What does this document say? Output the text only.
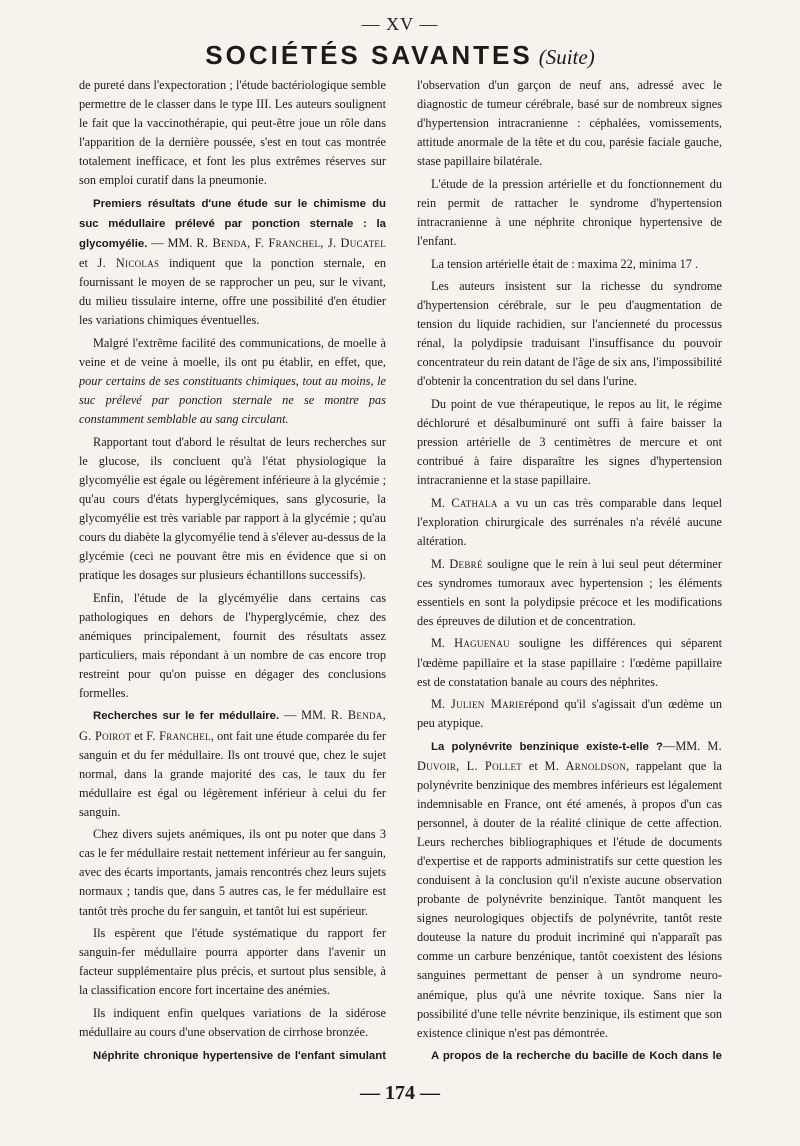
— XV —
SOCIÉTÉS SAVANTES (Suite)

de pureté dans l'expectoration ; l'étude bactériologique semble permettre de le classer dans le type III. Les auteurs soulignent le fait que la vaccinothérapie, qui peut-être joue un rôle dans l'apparition de la dernière poussée, s'est en tout cas montrée totalement inefficace, et font les plus extrêmes réserves sur son emploi curatif dans la pneumonie.

Premiers résultats d'une étude sur le chimisme du suc médullaire prélevé par ponction sternale : la glycomyélie. — MM. R. Benda, F. Franchel, J. Ducatel et J. Nicolas indiquent que la ponction sternale, en fournissant le moyen de se rapprocher un peu, sur le vivant, du milieu tissulaire interne, offre une possibilité d'en étudier les variations chimiques éventuelles.

Malgré l'extrême facilité des communications, de moelle à veine et de veine à moelle, ils ont pu établir, en effet, que, pour certains de ses constituants chimiques, tout au moins, le suc prélevé par ponction sternale ne se montre pas constamment semblable au sang circulant.

Rapportant tout d'abord le résultat de leurs recherches sur le glucose, ils concluent qu'à l'état physiologique la glycomyélie est égale ou légèrement inférieure à la glycémie ; qu'au cours d'états hyperglycémiques, sans glycosurie, la glycomyélie est très variable par rapport à la glycémie ; qu'au cours du diabète la glycomyélie tend à s'élever au-dessus de la glycémie (ceci ne pouvant être mis en évidence que si on pratique les dosages sur plusieurs échantillons successifs).

Enfin, l'étude de la glycémyélie dans certains cas pathologiques en dehors de l'hyperglycémie, chez des anémiques principalement, fournit des résultats assez particuliers, mais répondant à un nombre de cas encore trop restreint pour qu'on puisse en dégager des conclusions formelles.

Recherches sur le fer médullaire. — MM. R. Benda, G. Poirot et F. Franchel, ont fait une étude comparée du fer sanguin et du fer médullaire. Ils ont trouvé que, chez le sujet normal, dans la grande majorité des cas, le taux du fer médullaire est égal ou légèrement inférieur à celui du fer sanguin.

Chez divers sujets anémiques, ils ont pu noter que dans 3 cas le fer médullaire restait nettement inférieur au fer sanguin, avec des écarts importants, jamais rencontrés chez leurs sujets normaux ; tandis que, dans 5 autres cas, le fer médullaire est tantôt très proche du fer sanguin, et tantôt lui est supérieur.

Ils espèrent que l'étude systématique du rapport fer sanguin-fer médullaire pourra apporter dans l'avenir un facteur supplémentaire plus précis, et surtout plus sensible, à la classification encore fort incertaine des anémies.

Ils indiquent enfin quelques variations de la sidérose médullaire au cours d'une observation de cirrhose bronzée.

Néphrite chronique hypertensive de l'enfant simulant

l'observation d'un garçon de neuf ans, adressé avec le diagnostic de tumeur cérébrale, basé sur de nombreux signes d'hypertension intracranienne : céphalées, vomissements, attitude anormale de la tête et du cou, parésie faciale gauche, stase papillaire bilatérale.

L'étude de la pression artérielle et du fonctionnement du rein permit de rattacher le syndrome d'hypertension intracranienne à une néphrite chronique hypertensive de l'enfant.

La tension artérielle était de : maxima 22, minima 17 .

Les auteurs insistent sur la richesse du syndrome d'hypertension cérébrale, sur le peu d'augmentation de tension du liquide rachidien, sur l'ancienneté du processus rénal, la polydipsie traduisant l'insuffisance du pouvoir concentrateur du rein datant de l'âge de six ans, l'impossibilité d'obtenir la concentration du sel dans l'urine.

Du point de vue thérapeutique, le repos au lit, le régime déchloruré et désalbuminuré ont suffi à faire baisser la pression artérielle de 3 centimètres de mercure et ont contribué à faire disparaître les signes d'hypertension intracranienne et la stase papillaire.

M. Cathala a vu un cas très comparable dans lequel l'exploration chirurgicale des surrénales n'a révélé aucune altération.

M. Debré souligne que le rein à lui seul peut déterminer ces syndromes tumoraux avec hypertension ; les éléments essentiels en sont la polydipsie précoce et les modifications des épreuves de dilution et de concentration.

M. Haguenau souligne les différences qui séparent l'œdème papillaire et la stase papillaire : l'œdème papillaire est de constatation banale au cours des néphrites.

M. Julien Marierépond qu'il s'agissait d'un œdème un peu atypique.

La polynévrite benzinique existe-t-elle ?—MM. M. Duvoir, L. Pollet et M. Arnoldson, rappelant que la polynévrite benzinique des membres inférieurs est légalement indemnisable en France, ont été amenés, à propos d'un cas personnel, à douter de la réalité clinique de cette affection. Leurs recherches bibliographiques et l'étude de documents d'expertise et de rapports administratifs sur cette question les conduisent à la conclusion qu'il n'existe aucune observation probante de polynévrite benzinique. Tantôt manquent les signes neurologiques objectifs de polynévrite, tantôt reste douteuse la nature du produit incriminé qui n'apparaît pas comme un carbure benzénique, tantôt coexistent des lésions sanguines permettant de penser à un syndrome neuro-anémique, plus qu'à une névrite toxique. Sans nier la possibilité d'une telle névrite benzinique, ils estiment que son existence clinique n'est pas démontrée.

A propos de la recherche du bacille de Koch dans le

— 174 —
